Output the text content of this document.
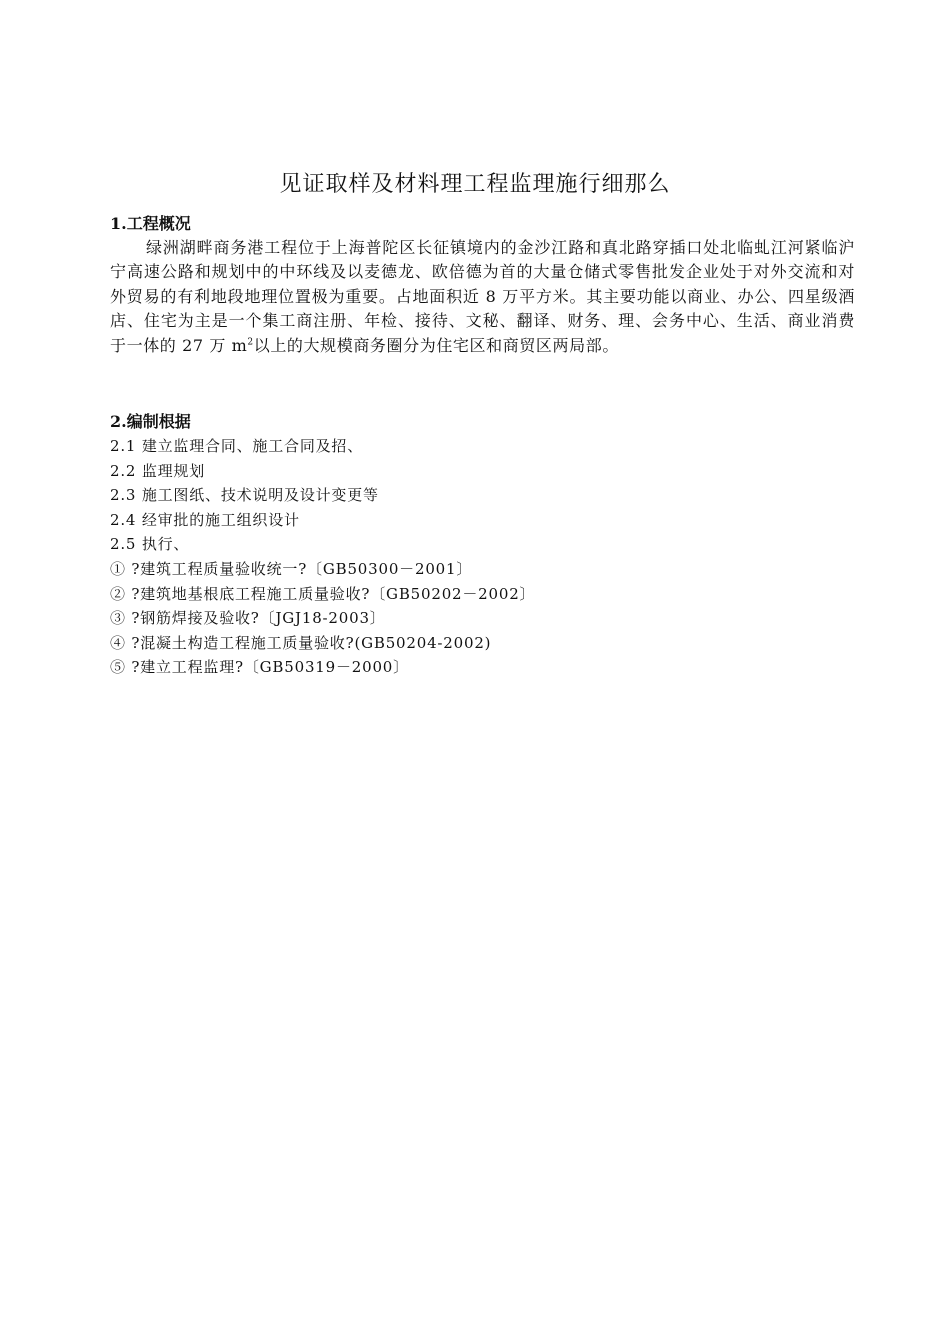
见证取样及材料理工程监理施行细那么
1.工程概况
绿洲湖畔商务港工程位于上海普陀区长征镇境内的金沙江路和真北路穿插口处北临虬江河紧临沪宁高速公路和规划中的中环线及以麦德龙、欧倍德为首的大量仓储式零售批发企业处于对外交流和对外贸易的有利地段地理位置极为重要。占地面积近 8 万平方米。其主要功能以商业、办公、四星级酒店、住宅为主是一个集工商注册、年检、接待、文秘、翻译、财务、理、会务中心、生活、商业消费于一体的 27 万 $m^2$以上的大规模商务圈分为住宅区和商贸区两局部。
2.编制根据
2.1 建立监理合同、施工合同及招、
2.2 监理规划
2.3 施工图纸、技术说明及设计变更等
2.4 经审批的施工组织设计
2.5 执行、
① ?建筑工程质量验收统一?〔GB50300－2001〕
② ?建筑地基根底工程施工质量验收?〔GB50202－2002〕
③ ?钢筋焊接及验收?〔JGJ18-2003〕
④ ?混凝土构造工程施工质量验收?(GB50204-2002)
⑤ ?建立工程监理?〔GB50319－2000〕
